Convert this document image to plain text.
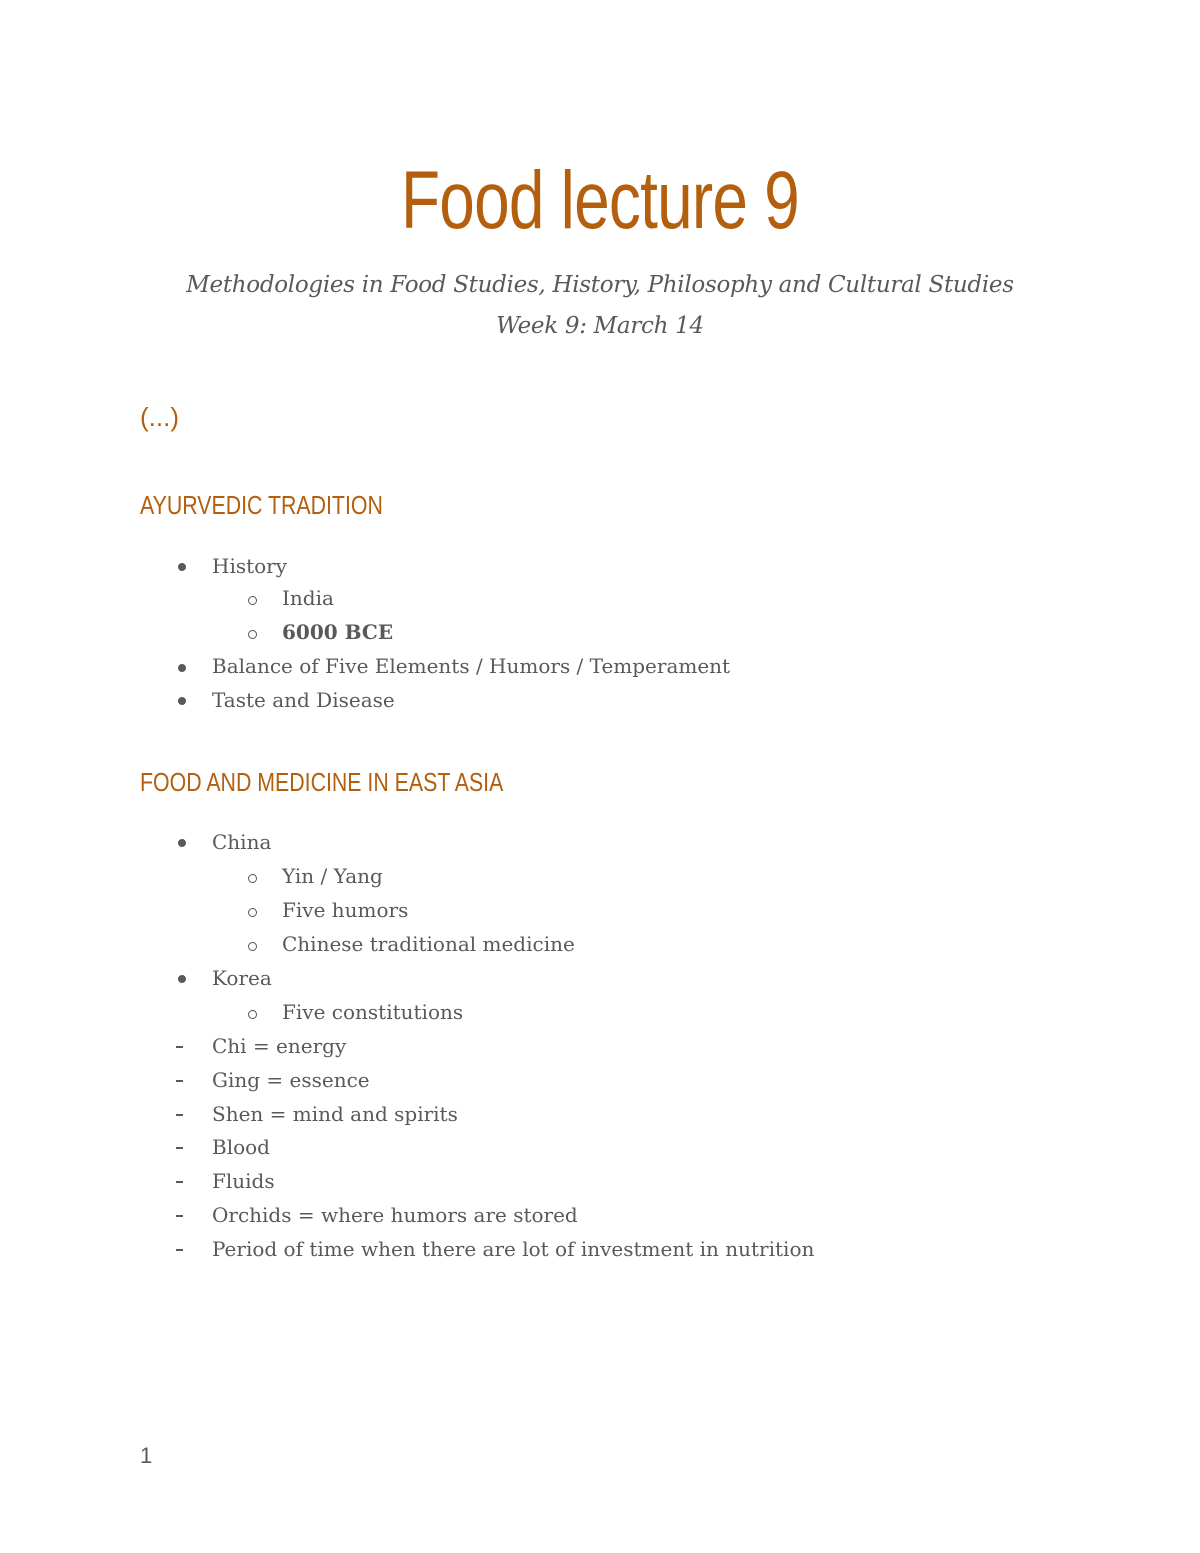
Food lecture 9
Methodologies in Food Studies, History, Philosophy and Cultural Studies
Week 9: March 14
(...)
AYURVEDIC TRADITION
History
India
6000 BCE
Balance of Five Elements / Humors / Temperament
Taste and Disease
FOOD AND MEDICINE IN EAST ASIA
China
Yin / Yang
Five humors
Chinese traditional medicine
Korea
Five constitutions
Chi = energy
Ging = essence
Shen = mind and spirits
Blood
Fluids
Orchids = where humors are stored
Period of time when there are lot of investment in nutrition
1
